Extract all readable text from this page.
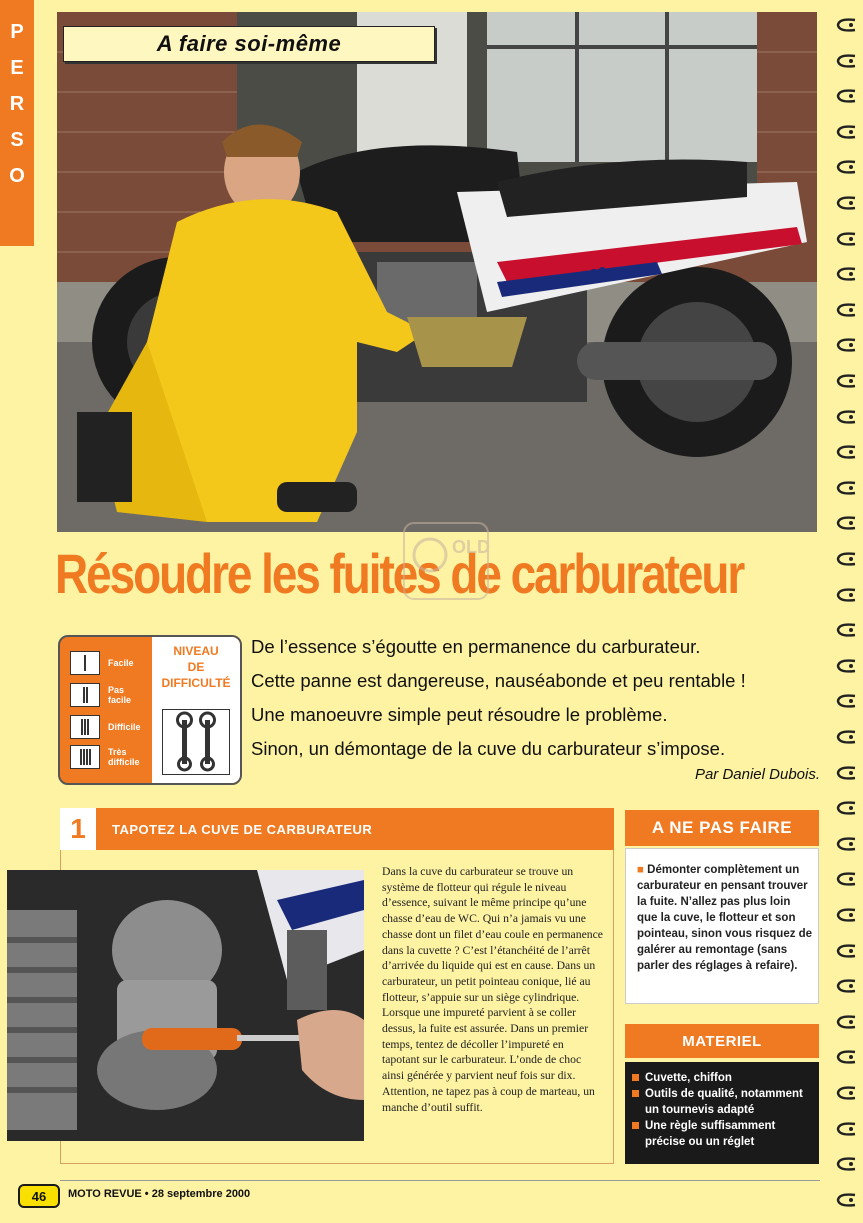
P
E
R
S
O
XJ600
A faire soi-même
Résoudre les fuites de carburateur
OLD
Facile
Pas facile
Difficile
Très difficile
NIVEAU
DE
DIFFICULTÉ

De l’essence s’égoutte en permanence du carburateur.

Cette panne est dangereuse, nauséabonde et peu rentable !

Une manoeuvre simple peut résoudre le problème.

Sinon, un démontage de la cuve du carburateur s’impose.

Par Daniel Dubois.
1	TAPOTEZ LA CUVE DE CARBURATEUR
Dans la cuve du carburateur se trouve un système de flotteur qui régule le niveau d’essence, suivant le même principe qu’une chasse d’eau de WC. Qui n’a jamais vu une chasse dont un filet d’eau coule en permanence dans la cuvette ? C’est l’étanchéité de l’arrêt d’arrivée du liquide qui est en cause. Dans un carburateur, un petit pointeau conique, lié au flotteur, s’appuie sur un siège cylindrique. Lorsque une impureté parvient à se coller dessus, la fuite est assurée. Dans un premier temps, tentez de décoller l’impureté en tapotant sur le carburateur. L’onde de choc ainsi générée y parvient neuf fois sur dix. Attention, ne tapez pas à coup de marteau, un manche d’outil suffit.
A NE PAS FAIRE
■ Démonter complètement un carburateur en pensant trouver la fuite. N’allez pas plus loin que la cuve, le flotteur et son pointeau, sinon vous risquez de galérer au remontage (sans parler des réglages à refaire).
MATERIEL
Cuvette, chiffon
Outils de qualité, notamment un tournevis adapté
Une règle suffisamment précise ou un réglet
46	MOTO REVUE • 28 septembre 2000
